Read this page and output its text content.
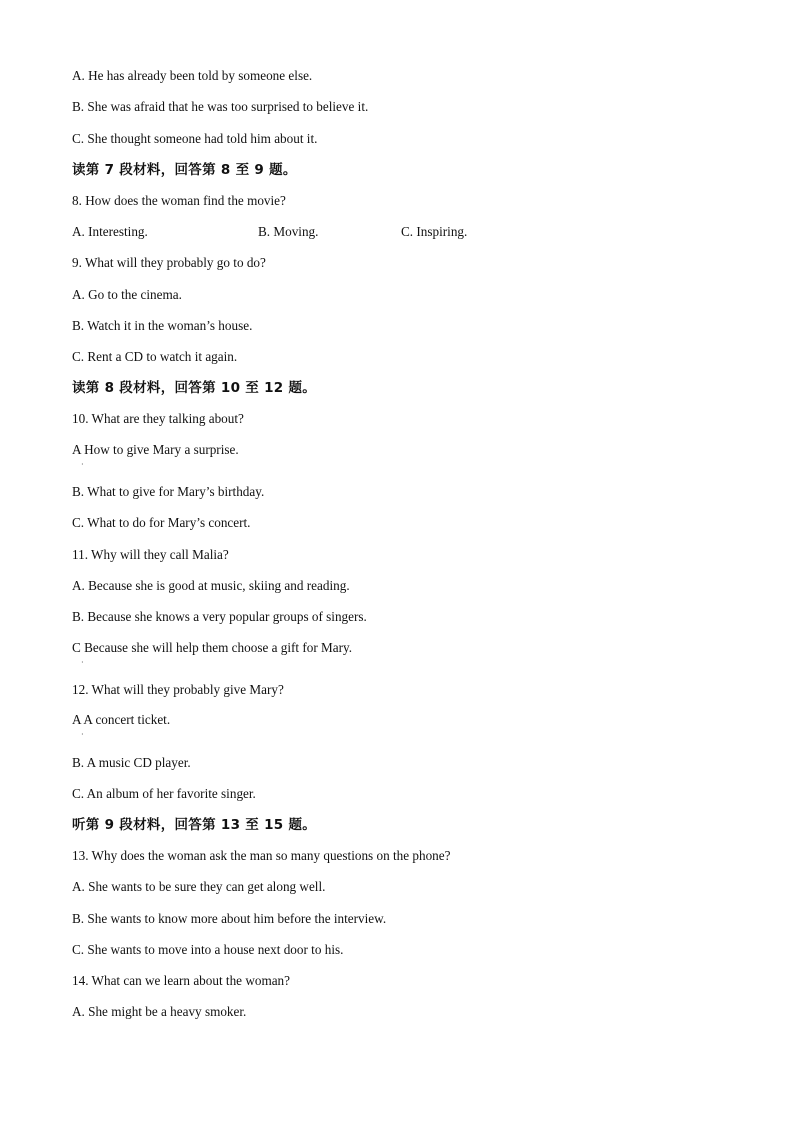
A. He has already been told by someone else.
B. She was afraid that he was too surprised to believe it.
C. She thought someone had told him about it.
读第 7 段材料，回答第 8 至 9 题。
8. How does the woman find the movie?
A. Interesting.	B. Moving.	C. Inspiring.
9. What will they probably go to do?
A. Go to the cinema.
B. Watch it in the woman’s house.
C. Rent a CD to watch it again.
读第 8 段材料，回答第 10 至 12 题。
10. What are they talking about?
A How to give Mary a surprise.
·
B. What to give for Mary’s birthday.
C. What to do for Mary’s concert.
11. Why will they call Malia?
A. Because she is good at music, skiing and reading.
B. Because she knows a very popular groups of singers.
C Because she will help them choose a gift for Mary.
·
12. What will they probably give Mary?
A A concert ticket.
·
B. A music CD player.
C. An album of her favorite singer.
听第 9 段材料，回答第 13 至 15 题。
13. Why does the woman ask the man so many questions on the phone?
A. She wants to be sure they can get along well.
B. She wants to know more about him before the interview.
C. She wants to move into a house next door to his.
14. What can we learn about the woman?
A. She might be a heavy smoker.
